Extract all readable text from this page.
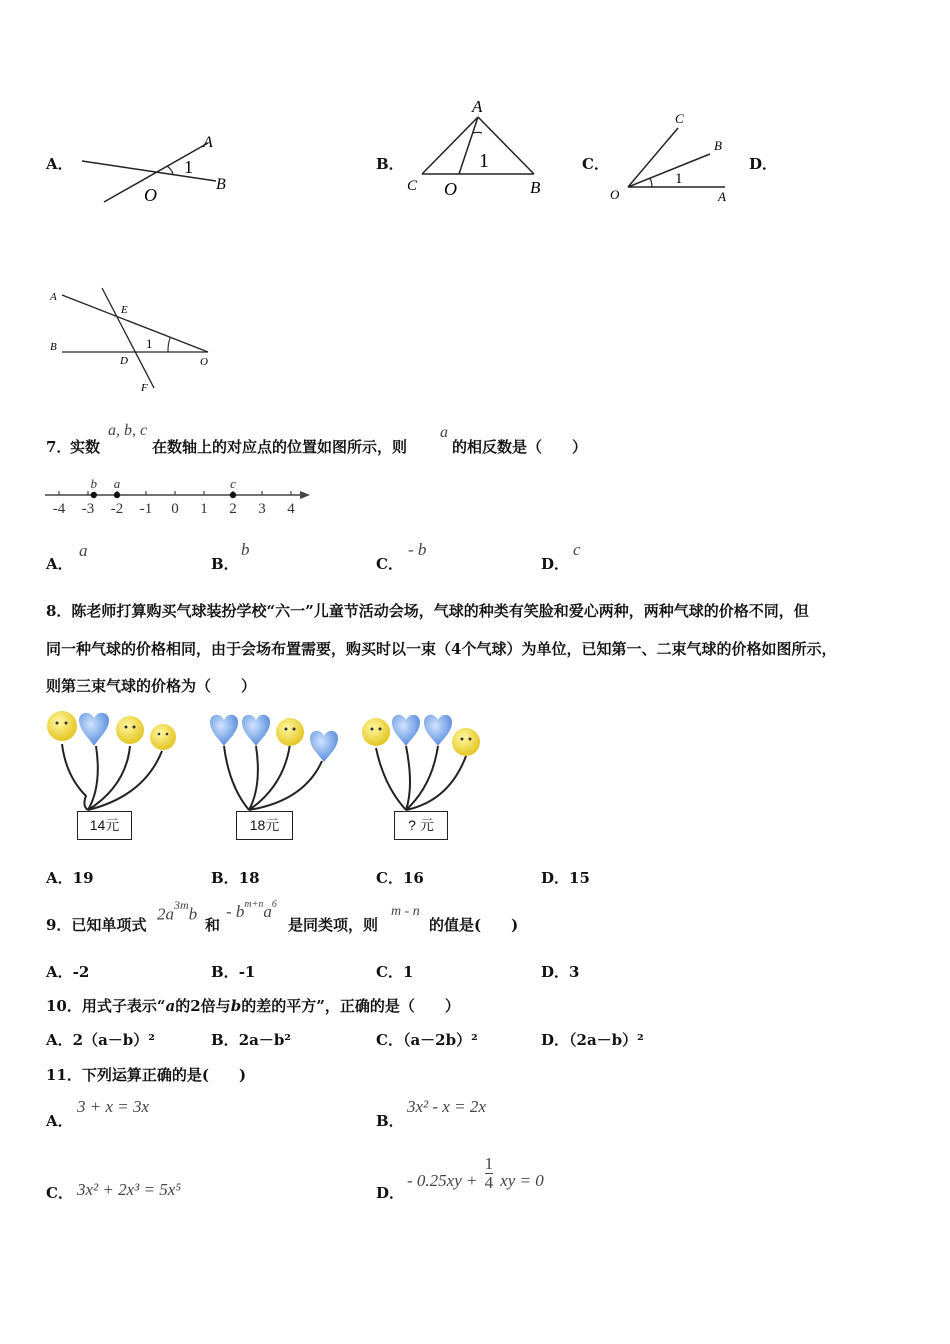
A．	B．	C．	D．
A
B
O
1
A
C O	B
1
C
B
O	A
1
A
B
E
D
F
O
1
7．
实数
a, b, c
在数轴上的对应点的位置如图所示，则
a
的相反数是（　　）
-4 -3 -2 -1 0 1 2 3 4
b a	c
A．
a
B．
b
C．
- b
D．
c
8．陈老师打算购买气球装扮学校“六一”儿童节活动会场，气球的种类有笑脸和爱心两种，两种气球的价格不同，但
同一种气球的价格相同，由于会场布置需要，购买时以一束（4个气球）为单位，已知第一、二束气球的价格如图所示，
则第三束气球的价格为（　　）
14元	18元	? 元
A．19	B．18	C．16	D．15
9．已知单项式
$2a^{3m}b$
和
- $b^{m+n}a^6$
是同类项，则
m - n
的值是(　　)
A．-2	B．-1	C．1	D．3
10．用式子表示“a的2倍与b的差的平方”，正确的是（　　）
A．2（a－b）²	B．2a－b²	C．（a－2b）²	D．（2a－b）²
11．下列运算正确的是(　　)
A．
3 + x = 3x
B．
3x² - x = 2x
C． 3x² + 2x³ = 5x⁵	D．
- $0.25xy + \frac{1}{4}$ xy = 0
